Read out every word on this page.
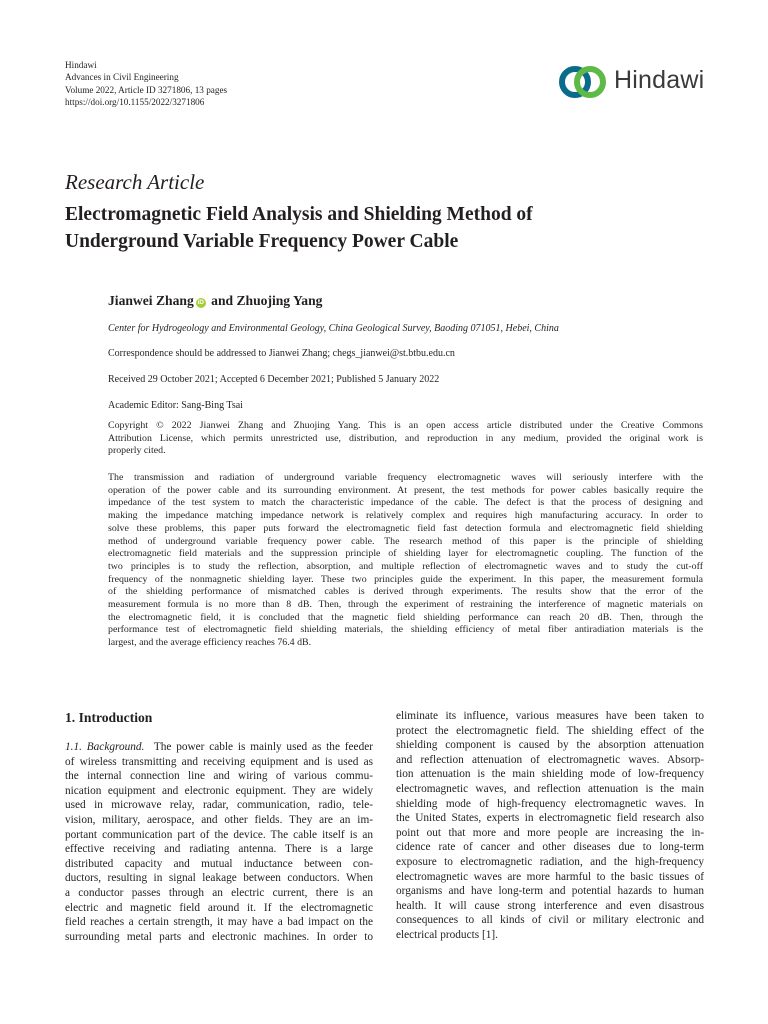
Hindawi
Advances in Civil Engineering
Volume 2022, Article ID 3271806, 13 pages
https://doi.org/10.1155/2022/3271806
Hindawi
Research Article
Electromagnetic Field Analysis and Shielding Method of
Underground Variable Frequency Power Cable
Jianwei Zhang iD and Zhuojing Yang
Center for Hydrogeology and Environmental Geology, China Geological Survey, Baoding 071051, Hebei, China
Correspondence should be addressed to Jianwei Zhang; chegs_jianwei@st.btbu.edu.cn
Received 29 October 2021; Accepted 6 December 2021; Published 5 January 2022
Academic Editor: Sang-Bing Tsai
Copyright © 2022 Jianwei Zhang and Zhuojing Yang. This is an open access article distributed under the Creative Commons
Attribution License, which permits unrestricted use, distribution, and reproduction in any medium, provided the original work is
properly cited.
The transmission and radiation of underground variable frequency electromagnetic waves will seriously interfere with the
operation of the power cable and its surrounding environment. At present, the test methods for power cables basically require the
impedance of the test system to match the characteristic impedance of the cable. The defect is that the process of designing and
making the impedance matching impedance network is relatively complex and requires high manufacturing accuracy. In order to
solve these problems, this paper puts forward the electromagnetic field fast detection formula and electromagnetic field shielding
method of underground variable frequency power cable. The research method of this paper is the principle of shielding
electromagnetic field materials and the suppression principle of shielding layer for electromagnetic coupling. The function of the
two principles is to study the reflection, absorption, and multiple reflection of electromagnetic waves and to study the cut-off
frequency of the nonmagnetic shielding layer. These two principles guide the experiment. In this paper, the measurement formula
of the shielding performance of mismatched cables is derived through experiments. The results show that the error of the
measurement formula is no more than 8 dB. Then, through the experiment of restraining the interference of magnetic materials on
the electromagnetic field, it is concluded that the magnetic field shielding performance can reach 20 dB. Then, through the
performance test of electromagnetic field shielding materials, the shielding efficiency of metal fiber antiradiation materials is the
largest, and the average efficiency reaches 76.4 dB.
1. Introduction
1.1. Background.  The power cable is mainly used as the feeder
of wireless transmitting and receiving equipment and is used as
the internal connection line and wiring of various commu-
nication equipment and electronic equipment. They are widely
used in microwave relay, radar, communication, radio, tele-
vision, military, aerospace, and other fields. They are an im-
portant communication part of the device. The cable itself is an
effective receiving and radiating antenna. There is a large
distributed capacity and mutual inductance between con-
ductors, resulting in signal leakage between conductors. When
a conductor passes through an electric current, there is an
electric and magnetic field around it. If the electromagnetic
field reaches a certain strength, it may have a bad impact on the
surrounding metal parts and electronic machines. In order to
eliminate its influence, various measures have been taken to
protect the electromagnetic field. The shielding effect of the
shielding component is caused by the absorption attenuation
and reflection attenuation of electromagnetic waves. Absorp-
tion attenuation is the main shielding mode of low-frequency
electromagnetic waves, and reflection attenuation is the main
shielding mode of high-frequency electromagnetic waves. In
the United States, experts in electromagnetic field research also
point out that more and more people are increasing the in-
cidence rate of cancer and other diseases due to long-term
exposure to electromagnetic radiation, and the high-frequency
electromagnetic waves are more harmful to the basic tissues of
organisms and have long-term and potential hazards to human
health. It will cause strong interference and even disastrous
consequences to all kinds of civil or military electronic and
electrical products [1].
